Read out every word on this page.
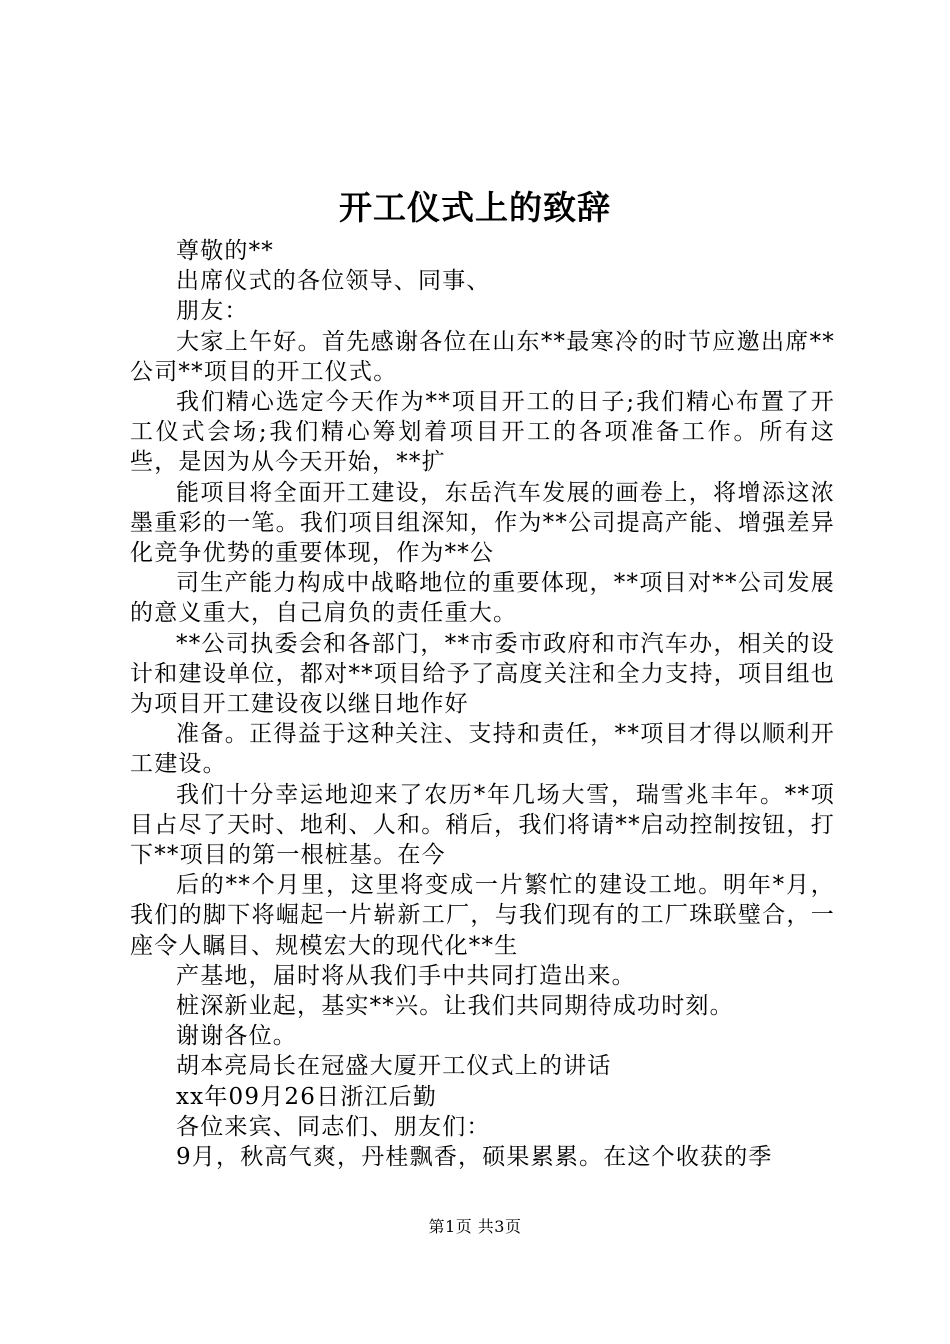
开工仪式上的致辞

尊敬的**

出席仪式的各位领导、同事、

朋友：

大家上午好。首先感谢各位在山东**最寒冷的时节应邀出席**公司**项目的开工仪式。

我们精心选定今天作为**项目开工的日子;我们精心布置了开工仪式会场;我们精心筹划着项目开工的各项准备工作。所有这些，是因为从今天开始，**扩

能项目将全面开工建设，东岳汽车发展的画卷上，将增添这浓墨重彩的一笔。我们项目组深知，作为**公司提高产能、增强差异化竞争优势的重要体现，作为**公

司生产能力构成中战略地位的重要体现，**项目对**公司发展的意义重大，自己肩负的责任重大。

**公司执委会和各部门，**市委市政府和市汽车办，相关的设计和建设单位，都对**项目给予了高度关注和全力支持，项目组也为项目开工建设夜以继日地作好

准备。正得益于这种关注、支持和责任，**项目才得以顺利开工建设。

我们十分幸运地迎来了农历*年几场大雪，瑞雪兆丰年。**项目占尽了天时、地利、人和。稍后，我们将请**启动控制按钮，打下**项目的第一根桩基。在今

后的**个月里，这里将变成一片繁忙的建设工地。明年*月，我们的脚下将崛起一片崭新工厂，与我们现有的工厂珠联璧合，一座令人瞩目、规模宏大的现代化**生

产基地，届时将从我们手中共同打造出来。

桩深新业起，基实**兴。让我们共同期待成功时刻。

谢谢各位。

胡本亮局长在冠盛大厦开工仪式上的讲话

xx年09月26日浙江后勤

各位来宾、同志们、朋友们：

9月，秋高气爽，丹桂飘香，硕果累累。在这个收获的季

第1页 共3页
